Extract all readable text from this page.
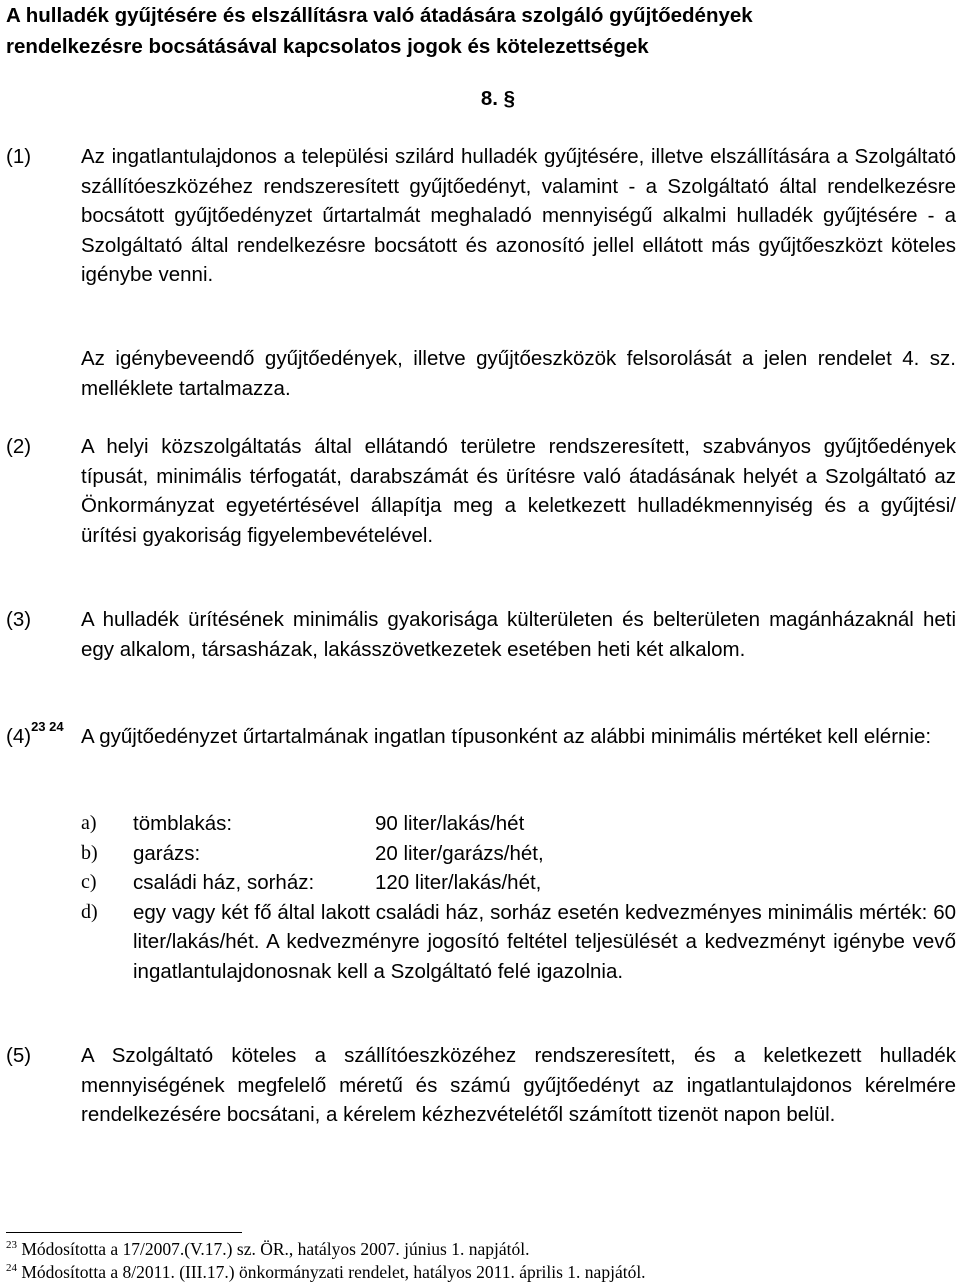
A hulladék gyűjtésére és elszállításra való átadására szolgáló gyűjtőedények
rendelkezésre bocsátásával kapcsolatos jogok és kötelezettségek
8. §
(1) Az ingatlantulajdonos a települési szilárd hulladék gyűjtésére, illetve elszállítására a Szolgáltató szállítóeszközéhez rendszeresített gyűjtőedényt, valamint - a Szolgáltató által rendelkezésre bocsátott gyűjtőedényzet űrtartalmát meghaladó mennyiségű alkalmi hulladék gyűjtésére - a Szolgáltató által rendelkezésre bocsátott és azonosító jellel ellátott más gyűjtőeszközt köteles igénybe venni.
Az igénybeveendő gyűjtőedények, illetve gyűjtőeszközök felsorolását a jelen rendelet 4. sz. melléklete tartalmazza.
(2) A helyi közszolgáltatás által ellátandó területre rendszeresített, szabványos gyűjtőedények típusát, minimális térfogatát, darabszámát és ürítésre való átadásának helyét a Szolgáltató az Önkormányzat egyetértésével állapítja meg a keletkezett hulladékmennyiség és a gyűjtési/ürítési gyakoriság figyelembevételével.
(3) A hulladék ürítésének minimális gyakorisága külterületen és belterületen magánházaknál heti egy alkalom, társasházak, lakásszövetkezetek esetében heti két alkalom.
$(4)^{23 24}$ A gyűjtőedényzet űrtartalmának ingatlan típusonként az alábbi minimális mértéket kell elérnie:
a)	tömblakás:	90 liter/lakás/hét
b)	garázs:	20 liter/garázs/hét,
c)	családi ház, sorház:	120 liter/lakás/hét,
d)	egy vagy két fő által lakott családi ház, sorház esetén kedvezményes minimális mérték: 60 liter/lakás/hét. A kedvezményre jogosító feltétel teljesülését a kedvezményt igénybe vevő ingatlantulajdonosnak kell a Szolgáltató felé igazolnia.
(5) A Szolgáltató köteles a szállítóeszközéhez rendszeresített, és a keletkezett hulladék mennyiségének megfelelő méretű és számú gyűjtőedényt az ingatlantulajdonos kérelmére rendelkezésére bocsátani, a kérelem kézhezvételétől számított tizenöt napon belül.
$^{23}$ Módosította a 17/2007.(V.17.) sz. ÖR., hatályos 2007. június 1. napjától.
$^{24}$ Módosította a 8/2011. (III.17.) önkormányzati rendelet, hatályos 2011. április 1. napjától.
